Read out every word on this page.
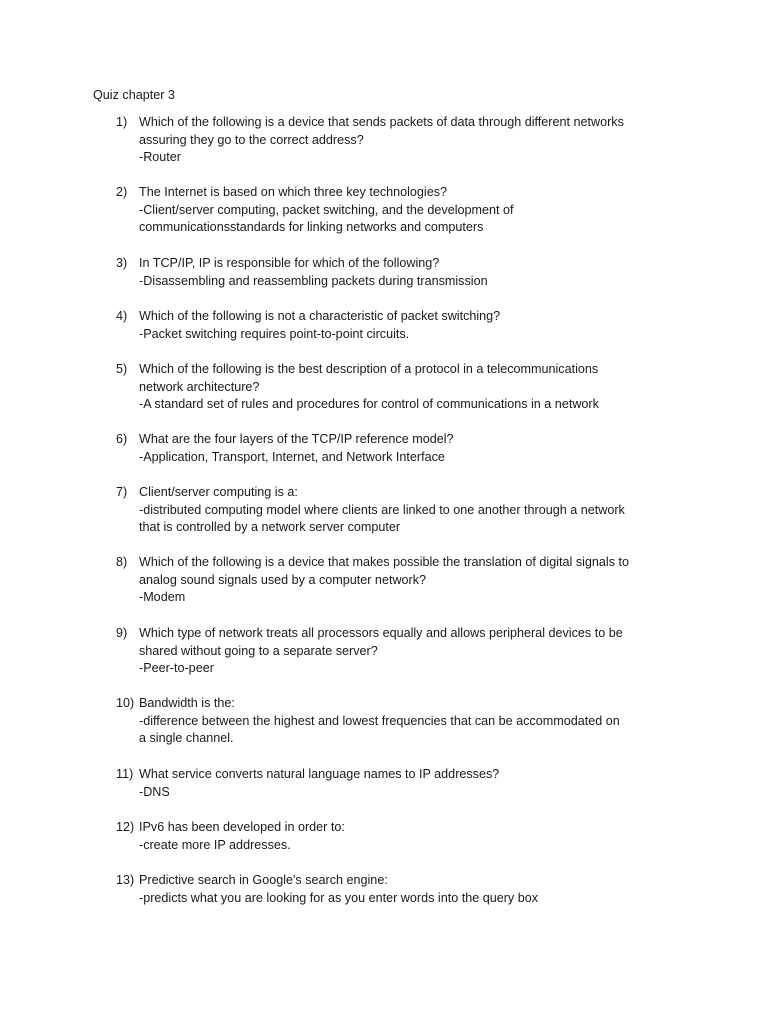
Quiz chapter 3
1) Which of the following is a device that sends packets of data through different networks
assuring they go to the correct address?
-Router
2) The Internet is based on which three key technologies?
-Client/server computing, packet switching, and the development of
communicationsstandards for linking networks and computers
3) In TCP/IP, IP is responsible for which of the following?
-Disassembling and reassembling packets during transmission
4) Which of the following is not a characteristic of packet switching?
-Packet switching requires point-to-point circuits.
5) Which of the following is the best description of a protocol in a telecommunications
network architecture?
-A standard set of rules and procedures for control of communications in a network
6) What are the four layers of the TCP/IP reference model?
-Application, Transport, Internet, and Network Interface
7) Client/server computing is a:
-distributed computing model where clients are linked to one another through a network
that is controlled by a network server computer
8) Which of the following is a device that makes possible the translation of digital signals to
analog sound signals used by a computer network?
-Modem
9) Which type of network treats all processors equally and allows peripheral devices to be
shared without going to a separate server?
-Peer-to-peer
10) Bandwidth is the:
-difference between the highest and lowest frequencies that can be accommodated on
a single channel.
11) What service converts natural language names to IP addresses?
-DNS
12) IPv6 has been developed in order to:
-create more IP addresses.
13) Predictive search in Google's search engine:
-predicts what you are looking for as you enter words into the query box
